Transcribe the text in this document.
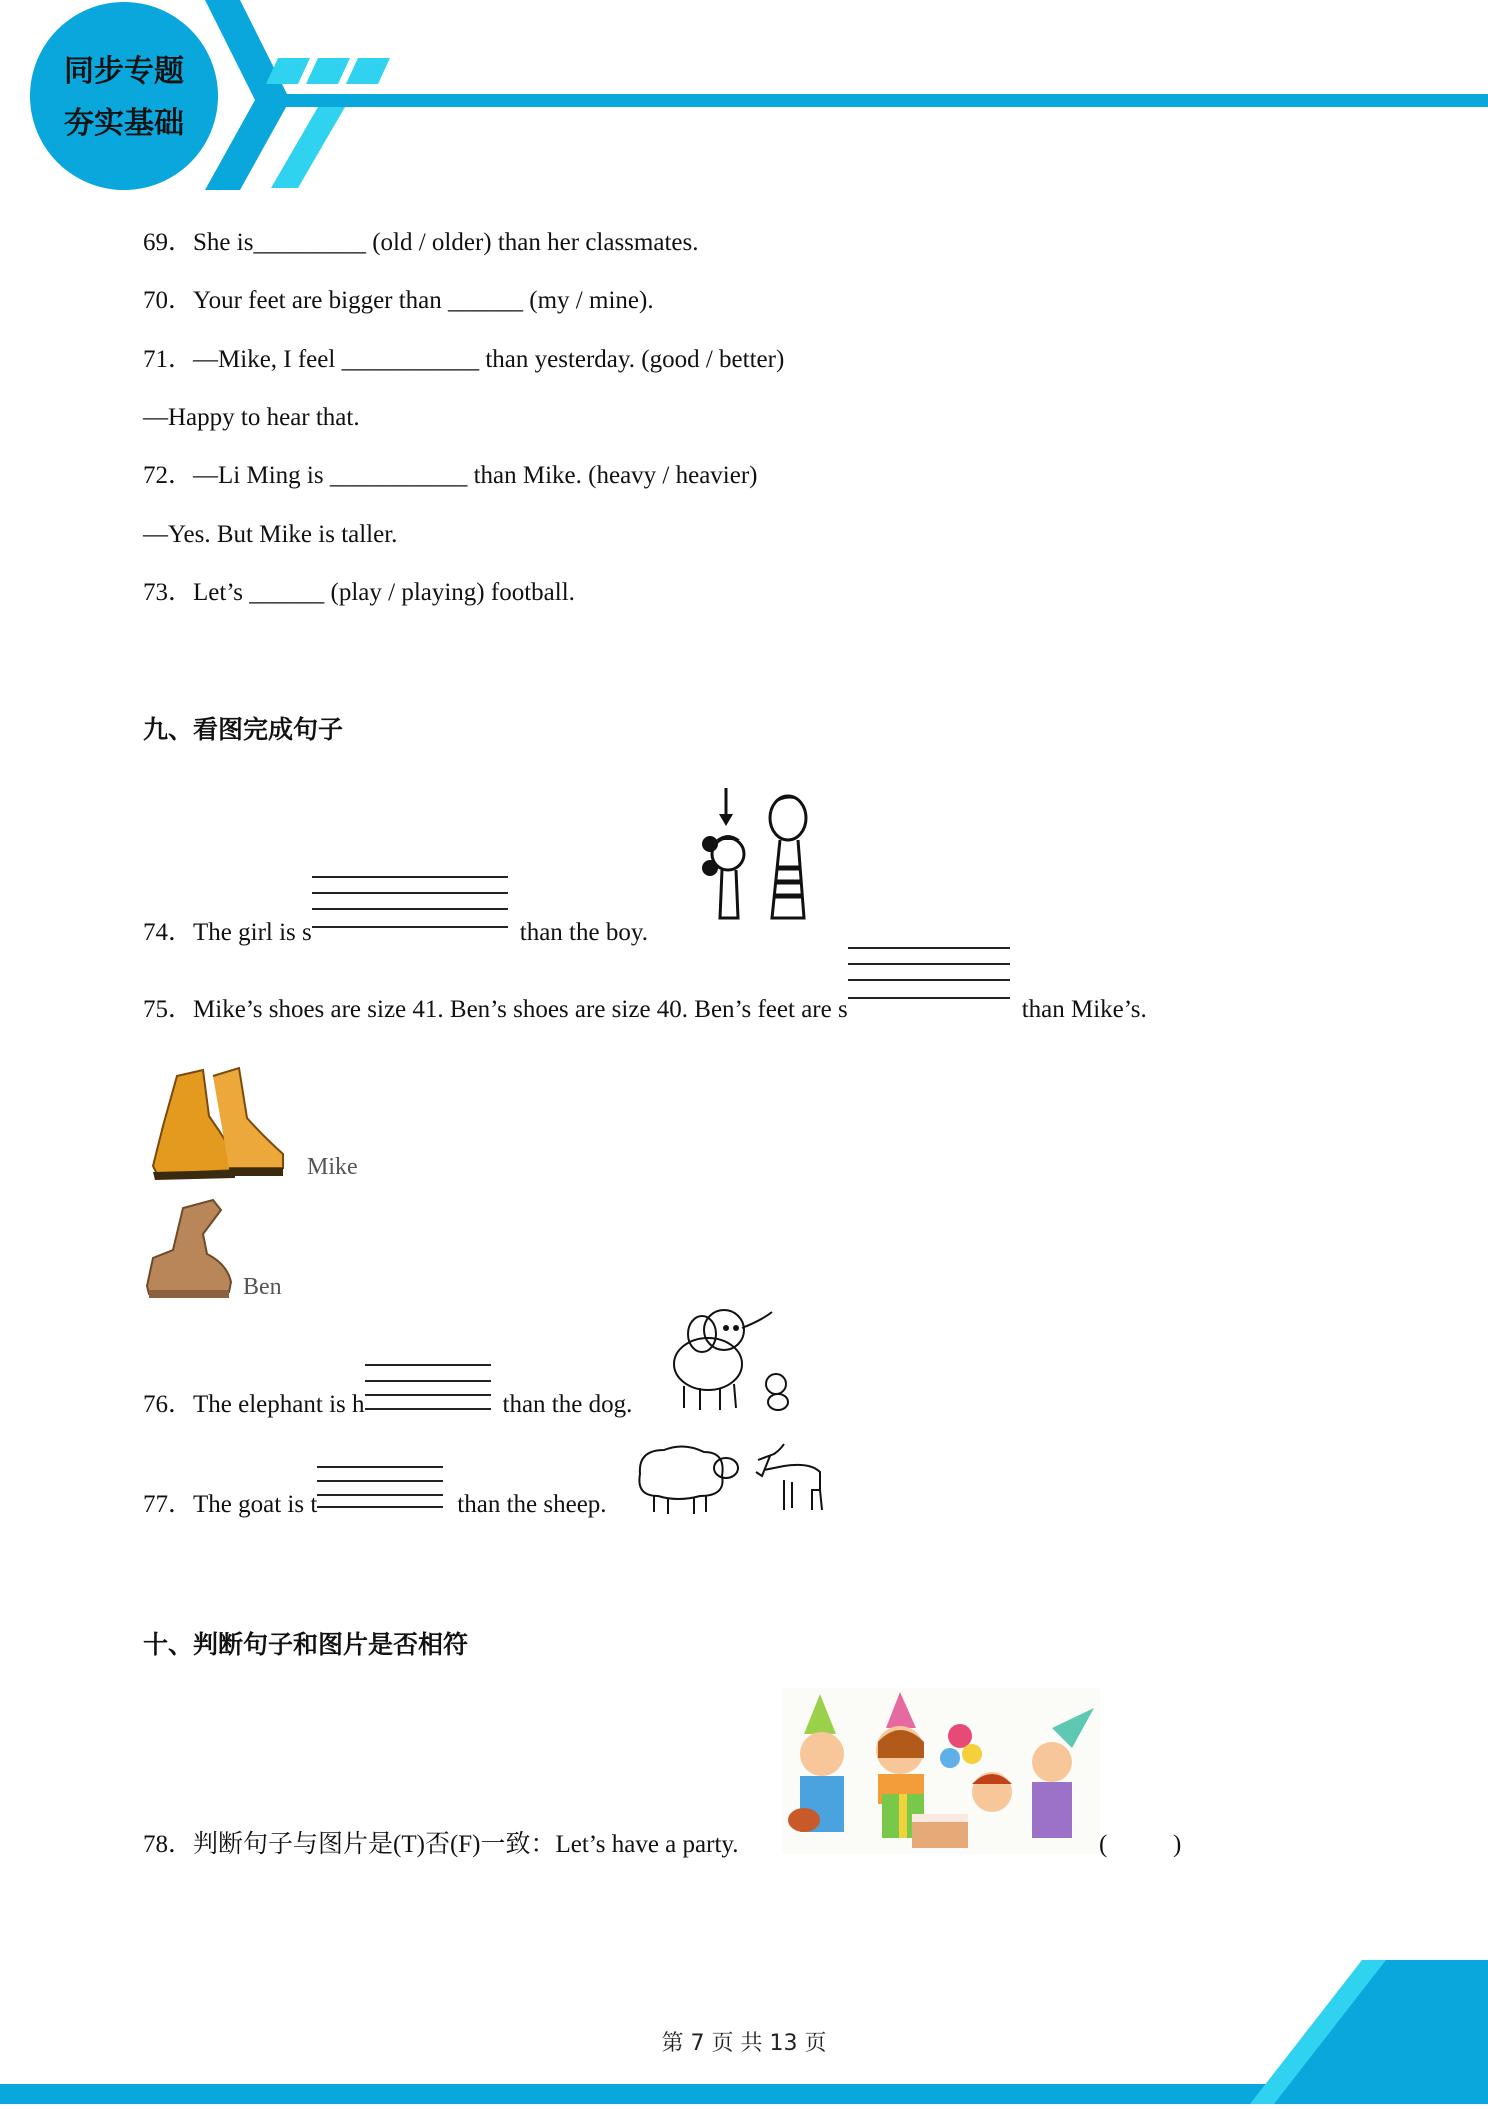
同步专题
夯实基础
69．She is_________ (old / older) than her classmates.
70．Your feet are bigger than ______ (my / mine).
71．—Mike, I feel ___________ than yesterday. (good / better)
—Happy to hear that.
72．—Li Ming is ___________ than Mike. (heavy / heavier)
—Yes. But Mike is taller.
73．Let’s ______ (play / playing) football.
九、看图完成句子
74．The girl is s	than the boy.
75．Mike’s shoes are size 41. Ben’s shoes are size 40. Ben’s feet are s	than Mike’s.
Mike
Ben
76．The elephant is h	than the dog.
77．The goat is t	than the sheep.
十、判断句子和图片是否相符
78．判断句子与图片是(T)否(F)一致：Let’s have a party.	(	)
第 7 页 共 13 页
